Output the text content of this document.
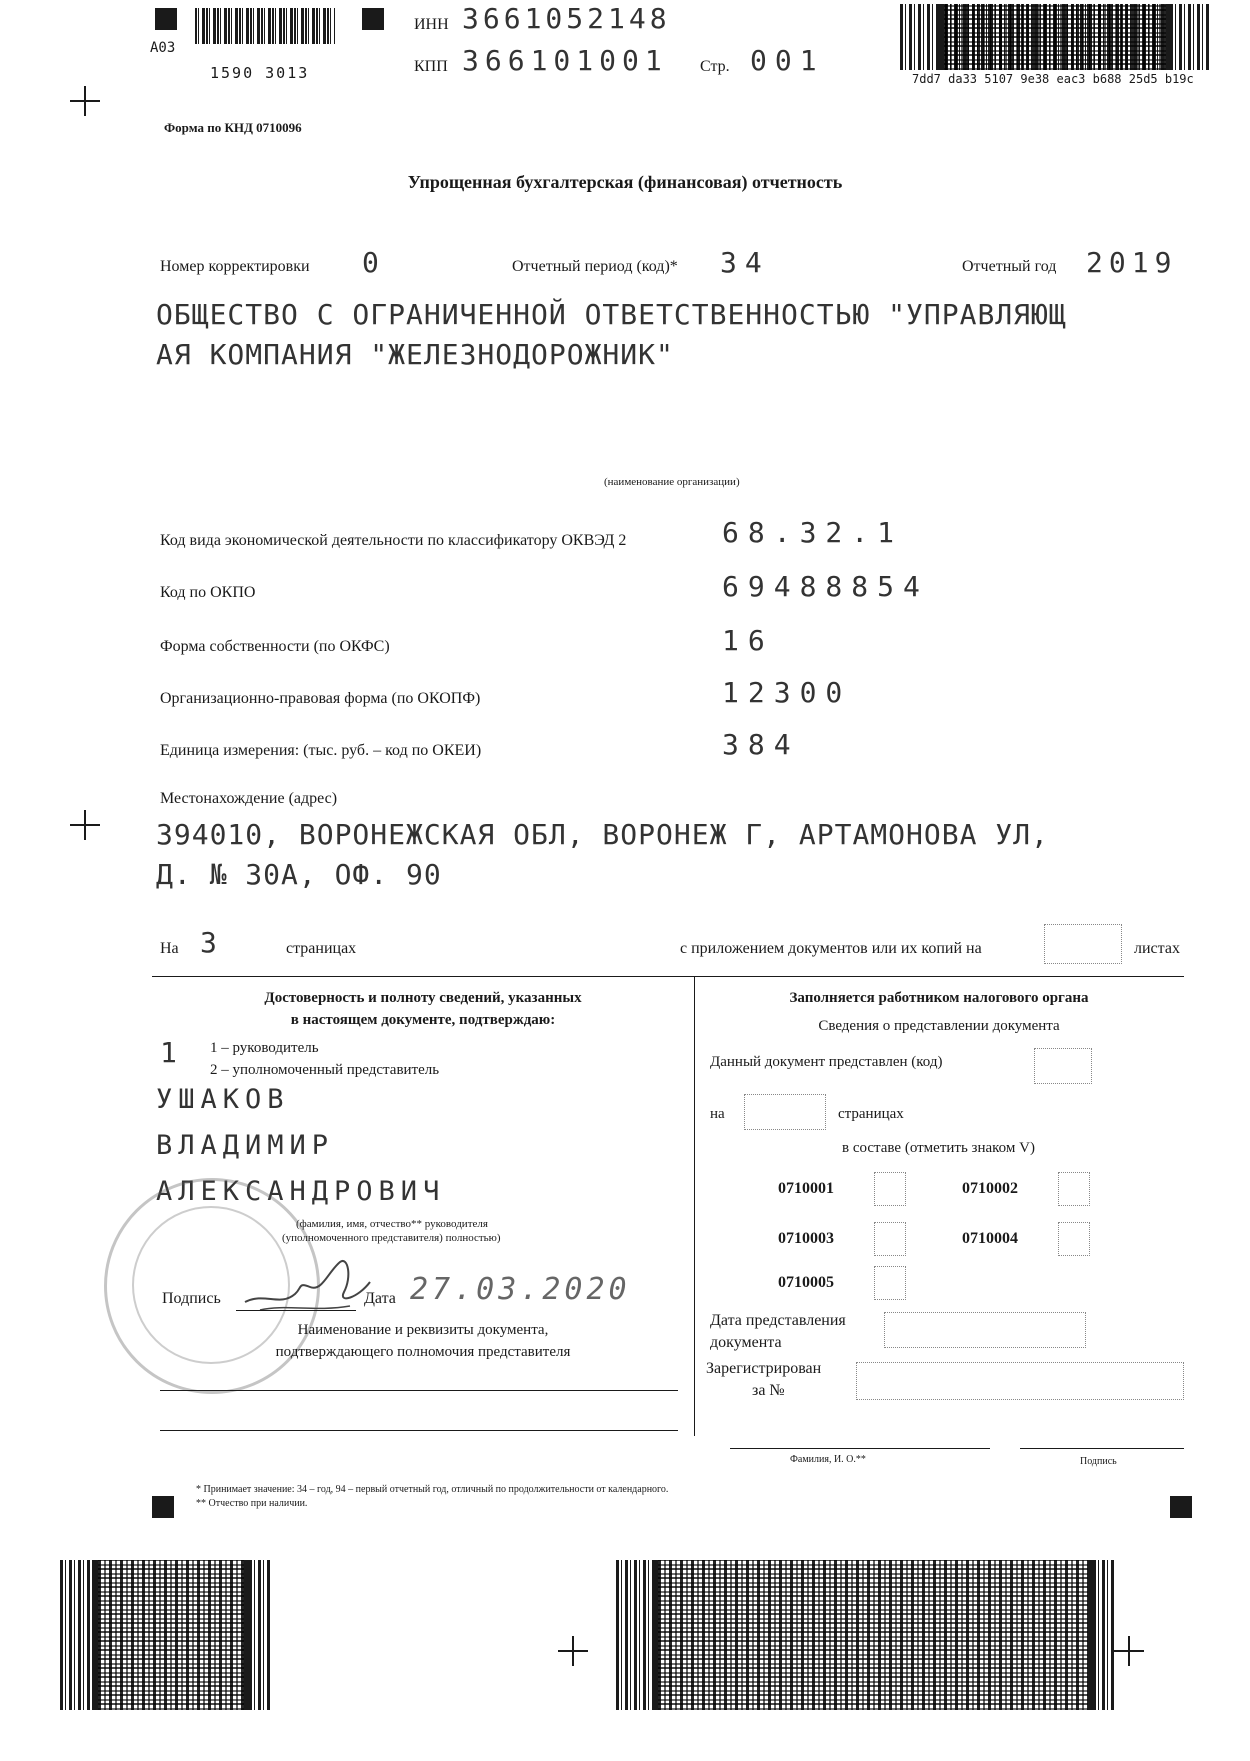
А03
1590 3013
ИНН 3661052148
КПП 366101001 Стр. 001
7dd7 da33 5107 9e38 eac3 b688 25d5 b19c
Форма по КНД 0710096
Упрощенная бухгалтерская (финансовая) отчетность
Номер корректировки 0	Отчетный период (код)* 34	Отчетный год 2019
ОБЩЕСТВО С ОГРАНИЧЕННОЙ ОТВЕТСТВЕННОСТЬЮ "УПРАВЛЯЮЩ
АЯ КОМПАНИЯ "ЖЕЛЕЗНОДОРОЖНИК"
(наименование организации)
Код вида экономической деятельности по классификатору ОКВЭД 2	68.32.1
Код по ОКПО	69488854
Форма собственности (по ОКФС)	16
Организационно-правовая форма (по ОКОПФ)	12300
Единица измерения: (тыс. руб. – код по ОКЕИ)	384
Местонахождение (адрес)
394010, ВОРОНЕЖСКАЯ ОБЛ, ВОРОНЕЖ Г, АРТАМОНОВА УЛ,
Д. № 30А, ОФ. 90
На 3	страницах	с приложением документов или их копий на	листах
Достоверность и полноту сведений, указанных
в настоящем документе, подтверждаю:
1 1 – руководитель
2 – уполномоченный представитель
УШАКОВ
ВЛАДИМИР
АЛЕКСАНДРОВИЧ
(фамилия, имя, отчество** руководителя
(уполномоченного представителя) полностью)
Подпись	Дата 27.03.2020
Наименование и реквизиты документа,
подтверждающего полномочия представителя
Заполняется работником налогового органа
Сведения о представлении документа
Данный документ представлен (код)
на	страницах
в составе (отметить знаком V)
0710001	0710002
0710003	0710004
0710005
Дата представления
документа
Зарегистрирован
за №
Фамилия, И. О.**	Подпись
* Принимает значение: 34 – год, 94 – первый отчетный год, отличный по продолжительности от календарного.
** Отчество при наличии.
